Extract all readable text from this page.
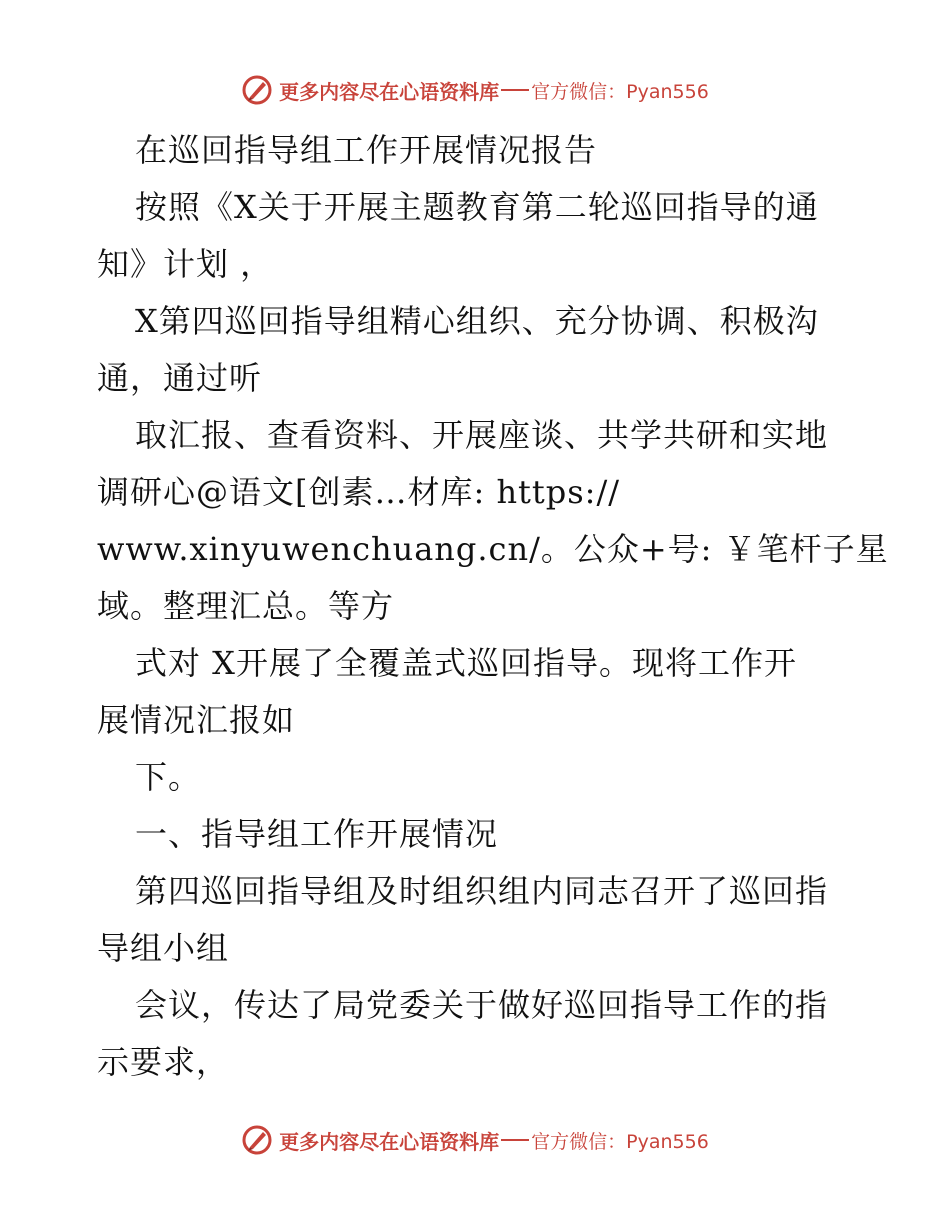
更多内容尽在心语资料库 官方微信：Pyan556
在巡回指导组工作开展情况报告
按照《X关于开展主题教育第二轮巡回指导的通
知》计划 ，
X第四巡回指导组精心组织、充分协调、积极沟
通，通过听
取汇报、查看资料、开展座谈、共学共研和实地
调研心@语文[创素…材库: https://
www.xinyuwenchuang.cn/。公众+号: ￥笔杆子星
域。整理汇总。等方
式对 X开展了全覆盖式巡回指导。现将工作开
展情况汇报如
下。
一、指导组工作开展情况
第四巡回指导组及时组织组内同志召开了巡回指
导组小组
会议，传达了局党委关于做好巡回指导工作的指
示要求，
更多内容尽在心语资料库 官方微信：Pyan556
